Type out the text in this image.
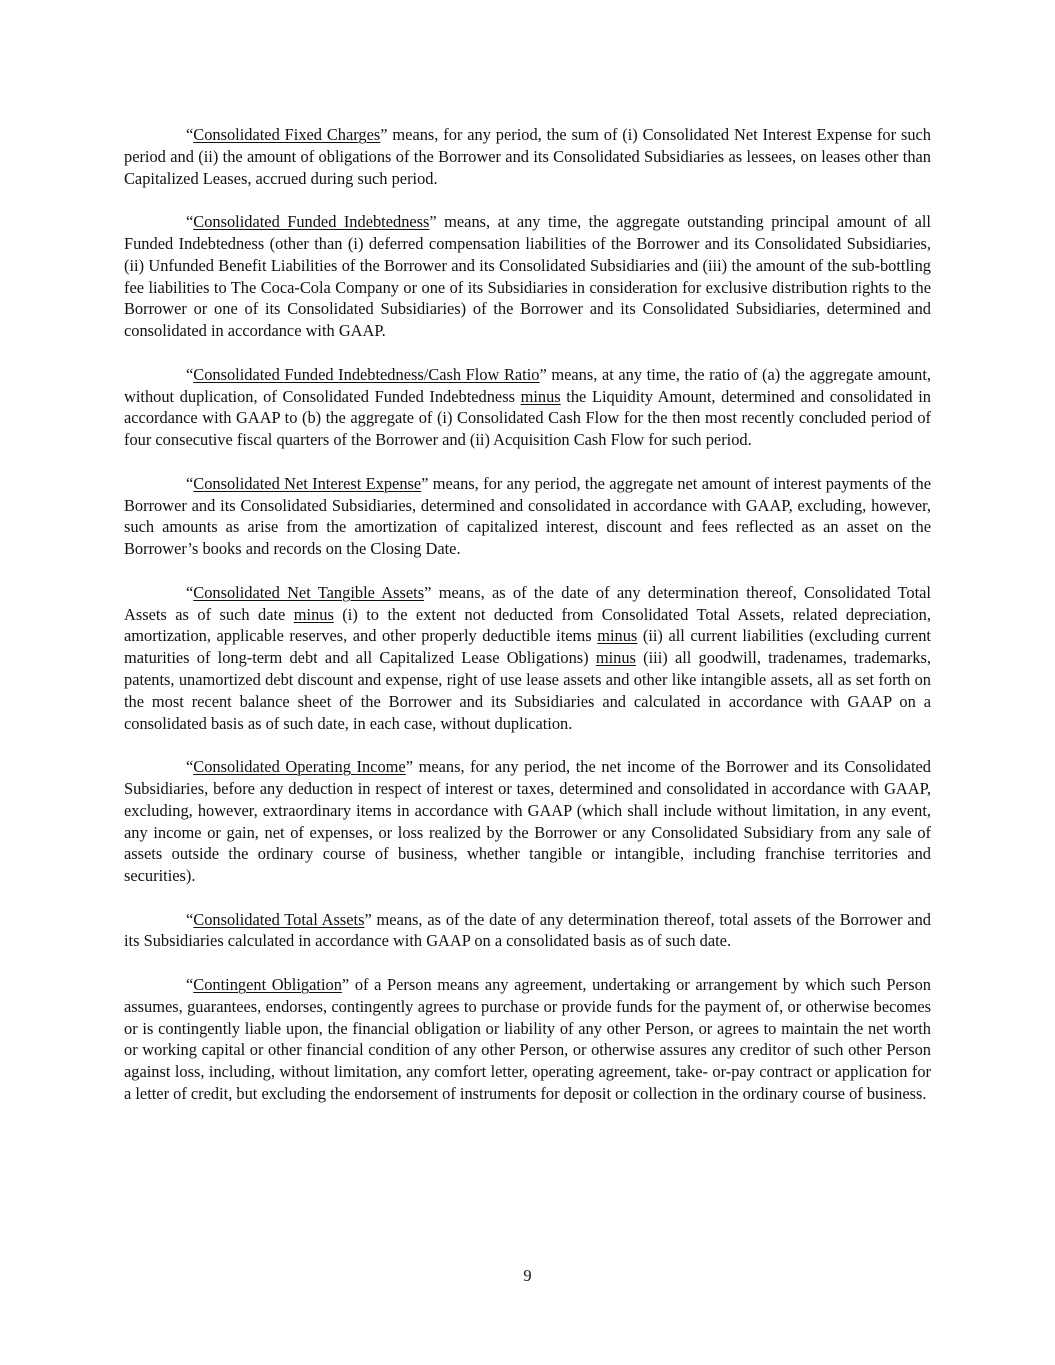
“Consolidated Fixed Charges” means, for any period, the sum of (i) Consolidated Net Interest Expense for such period and (ii) the amount of obligations of the Borrower and its Consolidated Subsidiaries as lessees, on leases other than Capitalized Leases, accrued during such period.

“Consolidated Funded Indebtedness” means, at any time, the aggregate outstanding principal amount of all Funded Indebtedness (other than (i) deferred compensation liabilities of the Borrower and its Consolidated Subsidiaries, (ii) Unfunded Benefit Liabilities of the Borrower and its Consolidated Subsidiaries and (iii) the amount of the sub-bottling fee liabilities to The Coca-Cola Company or one of its Subsidiaries in consideration for exclusive distribution rights to the Borrower or one of its Consolidated Subsidiaries) of the Borrower and its Consolidated Subsidiaries, determined and consolidated in accordance with GAAP.

“Consolidated Funded Indebtedness/Cash Flow Ratio” means, at any time, the ratio of (a) the aggregate amount, without duplication, of Consolidated Funded Indebtedness minus the Liquidity Amount, determined and consolidated in accordance with GAAP to (b) the aggregate of (i) Consolidated Cash Flow for the then most recently concluded period of four consecutive fiscal quarters of the Borrower and (ii) Acquisition Cash Flow for such period.

“Consolidated Net Interest Expense” means, for any period, the aggregate net amount of interest payments of the Borrower and its Consolidated Subsidiaries, determined and consolidated in accordance with GAAP, excluding, however, such amounts as arise from the amortization of capitalized interest, discount and fees reflected as an asset on the Borrower’s books and records on the Closing Date.

“Consolidated Net Tangible Assets” means, as of the date of any determination thereof, Consolidated Total Assets as of such date minus (i) to the extent not deducted from Consolidated Total Assets, related depreciation, amortization, applicable reserves, and other properly deductible items minus (ii) all current liabilities (excluding current maturities of long-term debt and all Capitalized Lease Obligations) minus (iii) all goodwill, tradenames, trademarks, patents, unamortized debt discount and expense, right of use lease assets and other like intangible assets, all as set forth on the most recent balance sheet of the Borrower and its Subsidiaries and calculated in accordance with GAAP on a consolidated basis as of such date, in each case, without duplication.

“Consolidated Operating Income” means, for any period, the net income of the Borrower and its Consolidated Subsidiaries, before any deduction in respect of interest or taxes, determined and consolidated in accordance with GAAP, excluding, however, extraordinary items in accordance with GAAP (which shall include without limitation, in any event, any income or gain, net of expenses, or loss realized by the Borrower or any Consolidated Subsidiary from any sale of assets outside the ordinary course of business, whether tangible or intangible, including franchise territories and securities).

“Consolidated Total Assets” means, as of the date of any determination thereof, total assets of the Borrower and its Subsidiaries calculated in accordance with GAAP on a consolidated basis as of such date.

“Contingent Obligation” of a Person means any agreement, undertaking or arrangement by which such Person assumes, guarantees, endorses, contingently agrees to purchase or provide funds for the payment of, or otherwise becomes or is contingently liable upon, the financial obligation or liability of any other Person, or agrees to maintain the net worth or working capital or other financial condition of any other Person, or otherwise assures any creditor of such other Person against loss, including, without limitation, any comfort letter, operating agreement, take- or-pay contract or application for a letter of credit, but excluding the endorsement of instruments for deposit or collection in the ordinary course of business.

9
